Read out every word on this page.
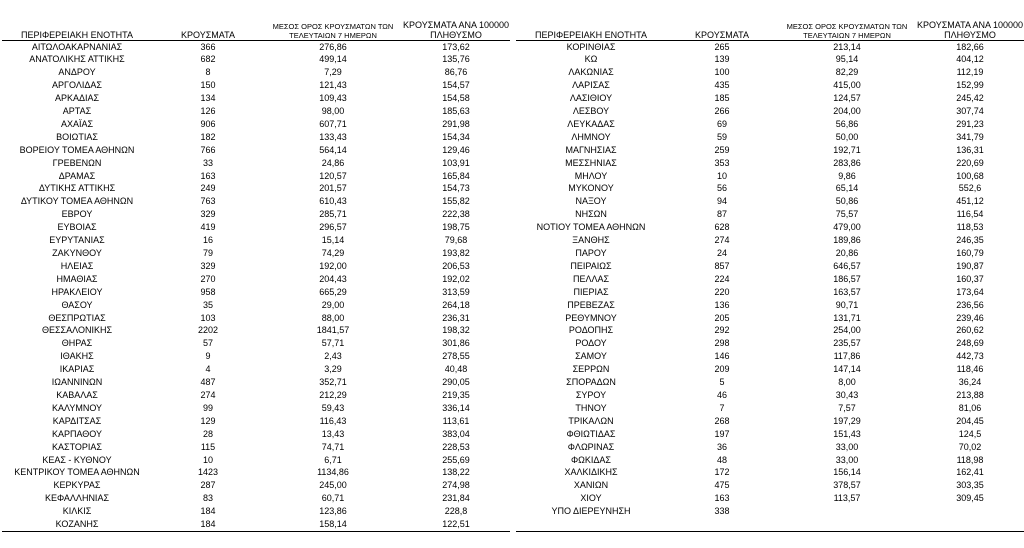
ΠΕΡΙΦΕΡΕΙΑΚΗ ΕΝΟΤΗΤΑ	ΚΡΟΥΣΜΑΤΑ	ΜΕΣΟΣ ΟΡΟΣ ΚΡΟΥΣΜΑΤΩΝ ΤΩΝ ΤΕΛΕΥΤΑΙΩΝ 7 ΗΜΕΡΩΝ	ΚΡΟΥΣΜΑΤΑ ΑΝΑ 100000 ΠΛΗΘΥΣΜΟ
ΑΙΤΩΛΟΑΚΑΡΝΑΝΙΑΣ	366	276,86	173,62
ΑΝΑΤΟΛΙΚΗΣ ΑΤΤΙΚΗΣ	682	499,14	135,76
ΑΝΔΡΟΥ	8	7,29	86,76
ΑΡΓΟΛΙΔΑΣ	150	121,43	154,57
ΑΡΚΑΔΙΑΣ	134	109,43	154,58
ΑΡΤΑΣ	126	98,00	185,63
ΑΧΑΪΑΣ	906	607,71	291,98
ΒΟΙΩΤΙΑΣ	182	133,43	154,34
ΒΟΡΕΙΟΥ ΤΟΜΕΑ ΑΘΗΝΩΝ	766	564,14	129,46
ΓΡΕΒΕΝΩΝ	33	24,86	103,91
ΔΡΑΜΑΣ	163	120,57	165,84
ΔΥΤΙΚΗΣ ΑΤΤΙΚΗΣ	249	201,57	154,73
ΔΥΤΙΚΟΥ ΤΟΜΕΑ ΑΘΗΝΩΝ	763	610,43	155,82
ΕΒΡΟΥ	329	285,71	222,38
ΕΥΒΟΙΑΣ	419	296,57	198,75
ΕΥΡΥΤΑΝΙΑΣ	16	15,14	79,68
ΖΑΚΥΝΘΟΥ	79	74,29	193,82
ΗΛΕΙΑΣ	329	192,00	206,53
ΗΜΑΘΙΑΣ	270	204,43	192,02
ΗΡΑΚΛΕΙΟΥ	958	665,29	313,59
ΘΑΣΟΥ	35	29,00	264,18
ΘΕΣΠΡΩΤΙΑΣ	103	88,00	236,31
ΘΕΣΣΑΛΟΝΙΚΗΣ	2202	1841,57	198,32
ΘΗΡΑΣ	57	57,71	301,86
ΙΘΑΚΗΣ	9	2,43	278,55
ΙΚΑΡΙΑΣ	4	3,29	40,48
ΙΩΑΝΝΙΝΩΝ	487	352,71	290,05
ΚΑΒΑΛΑΣ	274	212,29	219,35
ΚΑΛΥΜΝΟΥ	99	59,43	336,14
ΚΑΡΔΙΤΣΑΣ	129	116,43	113,61
ΚΑΡΠΑΘΟΥ	28	13,43	383,04
ΚΑΣΤΟΡΙΑΣ	115	74,71	228,53
ΚΕΑΣ - ΚΥΘΝΟΥ	10	6,71	255,69
ΚΕΝΤΡΙΚΟΥ ΤΟΜΕΑ ΑΘΗΝΩΝ	1423	1134,86	138,22
ΚΕΡΚΥΡΑΣ	287	245,00	274,98
ΚΕΦΑΛΛΗΝΙΑΣ	83	60,71	231,84
ΚΙΛΚΙΣ	184	123,86	228,8
ΚΟΖΑΝΗΣ	184	158,14	122,51
ΠΕΡΙΦΕΡΕΙΑΚΗ ΕΝΟΤΗΤΑ	ΚΡΟΥΣΜΑΤΑ	ΜΕΣΟΣ ΟΡΟΣ ΚΡΟΥΣΜΑΤΩΝ ΤΩΝ ΤΕΛΕΥΤΑΙΩΝ 7 ΗΜΕΡΩΝ	ΚΡΟΥΣΜΑΤΑ ΑΝΑ 100000 ΠΛΗΘΥΣΜΟ
ΚΟΡΙΝΘΙΑΣ	265	213,14	182,66
ΚΩ	139	95,14	404,12
ΛΑΚΩΝΙΑΣ	100	82,29	112,19
ΛΑΡΙΣΑΣ	435	415,00	152,99
ΛΑΣΙΘΙΟΥ	185	124,57	245,42
ΛΕΣΒΟΥ	266	204,00	307,74
ΛΕΥΚΑΔΑΣ	69	56,86	291,23
ΛΗΜΝΟΥ	59	50,00	341,79
ΜΑΓΝΗΣΙΑΣ	259	192,71	136,31
ΜΕΣΣΗΝΙΑΣ	353	283,86	220,69
ΜΗΛΟΥ	10	9,86	100,68
ΜΥΚΟΝΟΥ	56	65,14	552,6
ΝΑΞΟΥ	94	50,86	451,12
ΝΗΣΩΝ	87	75,57	116,54
ΝΟΤΙΟΥ ΤΟΜΕΑ ΑΘΗΝΩΝ	628	479,00	118,53
ΞΑΝΘΗΣ	274	189,86	246,35
ΠΑΡΟΥ	24	20,86	160,79
ΠΕΙΡΑΙΩΣ	857	646,57	190,87
ΠΕΛΛΑΣ	224	186,57	160,37
ΠΙΕΡΙΑΣ	220	163,57	173,64
ΠΡΕΒΕΖΑΣ	136	90,71	236,56
ΡΕΘΥΜΝΟΥ	205	131,71	239,46
ΡΟΔΟΠΗΣ	292	254,00	260,62
ΡΟΔΟΥ	298	235,57	248,69
ΣΑΜΟΥ	146	117,86	442,73
ΣΕΡΡΩΝ	209	147,14	118,46
ΣΠΟΡΑΔΩΝ	5	8,00	36,24
ΣΥΡΟΥ	46	30,43	213,88
ΤΗΝΟΥ	7	7,57	81,06
ΤΡΙΚΑΛΩΝ	268	197,29	204,45
ΦΘΙΩΤΙΔΑΣ	197	151,43	124,5
ΦΛΩΡΙΝΑΣ	36	33,00	70,02
ΦΩΚΙΔΑΣ	48	33,00	118,98
ΧΑΛΚΙΔΙΚΗΣ	172	156,14	162,41
ΧΑΝΙΩΝ	475	378,57	303,35
ΧΙΟΥ	163	113,57	309,45
ΥΠΟ ΔΙΕΡΕΥΝΗΣΗ	338		
